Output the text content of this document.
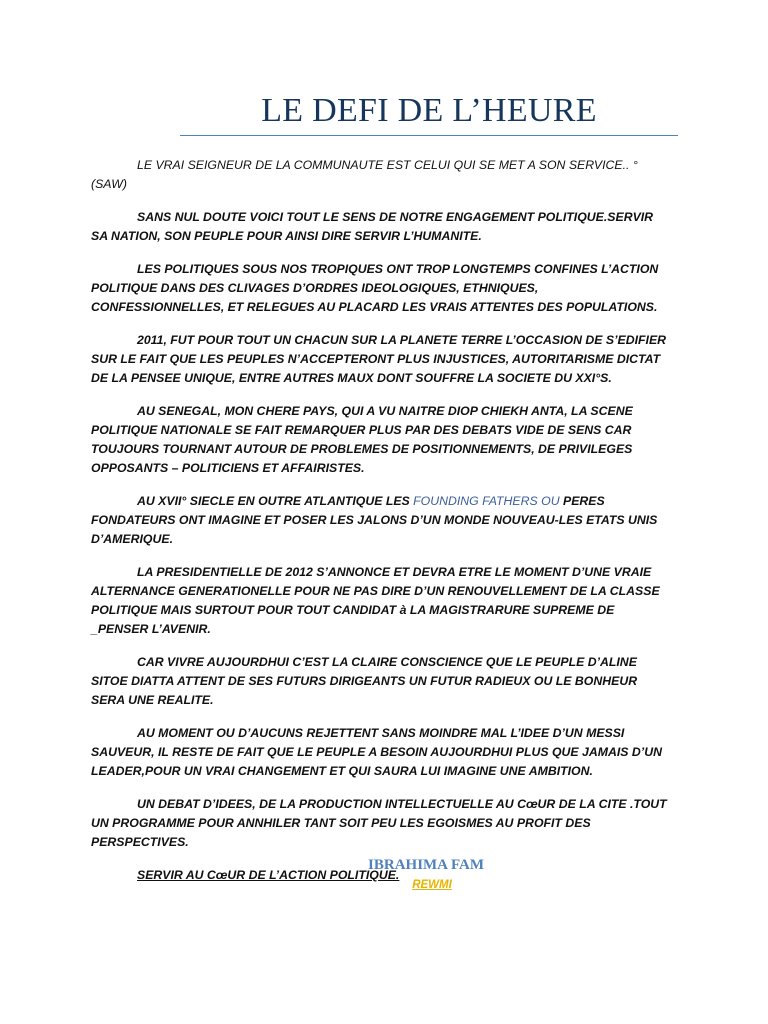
LE DEFI DE L’HEURE

LE VRAI SEIGNEUR DE LA COMMUNAUTE EST CELUI QUI SE MET A SON SERVICE.. °(SAW)

SANS NUL DOUTE VOICI TOUT LE SENS DE NOTRE ENGAGEMENT POLITIQUE.SERVIR SA NATION, SON PEUPLE POUR AINSI DIRE SERVIR L’HUMANITE.

LES POLITIQUES SOUS NOS TROPIQUES ONT TROP LONGTEMPS CONFINES L’ACTION POLITIQUE DANS DES CLIVAGES D’ORDRES IDEOLOGIQUES, ETHNIQUES, CONFESSIONNELLES, ET RELEGUES AU PLACARD LES VRAIS ATTENTES DES POPULATIONS.

2011, FUT POUR TOUT UN CHACUN SUR LA PLANETE TERRE L’OCCASION DE S’EDIFIER SUR LE FAIT QUE LES PEUPLES N’ACCEPTERONT PLUS INJUSTICES, AUTORITARISME DICTAT DE LA PENSEE UNIQUE, ENTRE AUTRES MAUX DONT SOUFFRE LA SOCIETE DU XXI°S.

AU SENEGAL, MON CHERE PAYS, QUI A VU NAITRE DIOP CHIEKH ANTA, LA SCENE POLITIQUE NATIONALE SE FAIT REMARQUER PLUS PAR DES DEBATS VIDE DE SENS CAR TOUJOURS TOURNANT AUTOUR DE PROBLEMES DE POSITIONNEMENTS, DE PRIVILEGES OPPOSANTS – POLITICIENS ET AFFAIRISTES.

AU XVII° SIECLE EN OUTRE ATLANTIQUE LES FOUNDING FATHERS OU PERES FONDATEURS ONT IMAGINE ET POSER LES JALONS D’UN MONDE NOUVEAU-LES ETATS UNIS D’AMERIQUE.

LA PRESIDENTIELLE DE 2012 S’ANNONCE ET DEVRA ETRE LE MOMENT D’UNE VRAIE ALTERNANCE GENERATIONELLE POUR NE PAS DIRE D’UN RENOUVELLEMENT DE LA CLASSE POLITIQUE MAIS SURTOUT POUR TOUT CANDIDAT à LA MAGISTRARURE SUPREME DE _PENSER L’AVENIR.

CAR VIVRE AUJOURDHUI C’EST LA CLAIRE CONSCIENCE QUE LE PEUPLE D’ALINE SITOE DIATTA ATTENT DE SES FUTURS DIRIGEANTS UN FUTUR RADIEUX OU LE BONHEUR SERA UNE REALITE.

AU MOMENT OU D’AUCUNS REJETTENT SANS MOINDRE MAL L’IDEE D’UN MESSI SAUVEUR, IL RESTE DE FAIT QUE LE PEUPLE A BESOIN AUJOURDHUI PLUS QUE JAMAIS D’UN LEADER,POUR UN VRAI CHANGEMENT ET QUI SAURA LUI IMAGINE UNE AMBITION.

UN DEBAT D’IDEES, DE LA PRODUCTION INTELLECTUELLE AU CœUR DE LA CITE .TOUT UN PROGRAMME POUR ANNHILER TANT SOIT PEU LES EGOISMES AU PROFIT DES PERSPECTIVES.

SERVIR AU CœUR DE L’ACTION POLITIQUE.

IBRAHIMA FAM
REWMI
